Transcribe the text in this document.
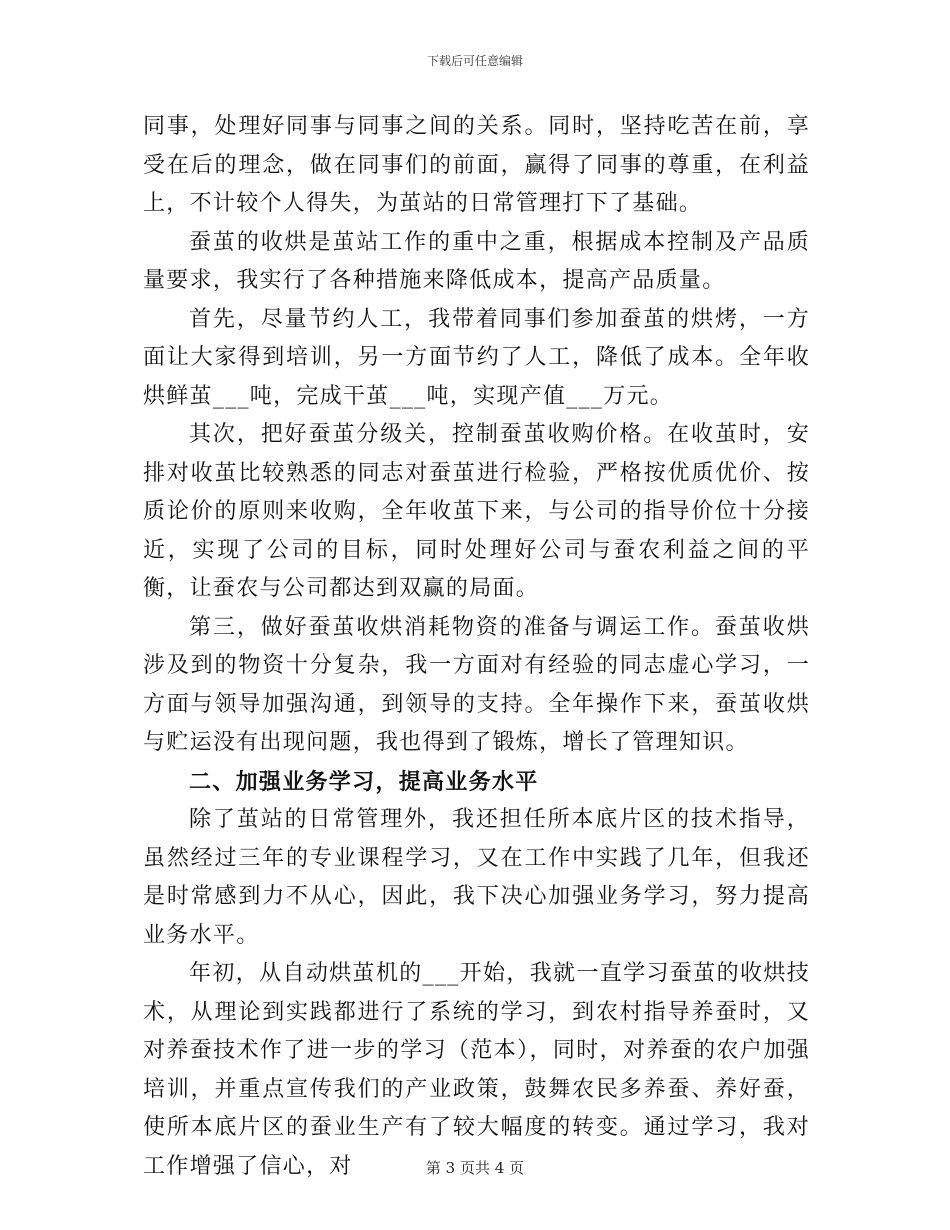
下载后可任意编辑

同事，处理好同事与同事之间的关系。同时，坚持吃苦在前，享受在后的理念，做在同事们的前面，赢得了同事的尊重，在利益上，不计较个人得失，为茧站的日常管理打下了基础。

蚕茧的收烘是茧站工作的重中之重，根据成本控制及产品质量要求，我实行了各种措施来降低成本，提高产品质量。

首先，尽量节约人工，我带着同事们参加蚕茧的烘烤，一方面让大家得到培训，另一方面节约了人工，降低了成本。全年收烘鲜茧___吨，完成干茧___吨，实现产值___万元。

其次，把好蚕茧分级关，控制蚕茧收购价格。在收茧时，安排对收茧比较熟悉的同志对蚕茧进行检验，严格按优质优价、按质论价的原则来收购，全年收茧下来，与公司的指导价位十分接近，实现了公司的目标，同时处理好公司与蚕农利益之间的平衡，让蚕农与公司都达到双赢的局面。

第三，做好蚕茧收烘消耗物资的准备与调运工作。蚕茧收烘涉及到的物资十分复杂，我一方面对有经验的同志虚心学习，一方面与领导加强沟通，到领导的支持。全年操作下来，蚕茧收烘与贮运没有出现问题，我也得到了锻炼，增长了管理知识。

二、加强业务学习，提高业务水平

除了茧站的日常管理外，我还担任所本底片区的技术指导，虽然经过三年的专业课程学习，又在工作中实践了几年，但我还是时常感到力不从心，因此，我下决心加强业务学习，努力提高业务水平。

年初，从自动烘茧机的___开始，我就一直学习蚕茧的收烘技术，从理论到实践都进行了系统的学习，到农村指导养蚕时，又对养蚕技术作了进一步的学习（范本），同时，对养蚕的农户加强培训，并重点宣传我们的产业政策，鼓舞农民多养蚕、养好蚕，使所本底片区的蚕业生产有了较大幅度的转变。通过学习，我对工作增强了信心，对	第 3 页共 4 页
